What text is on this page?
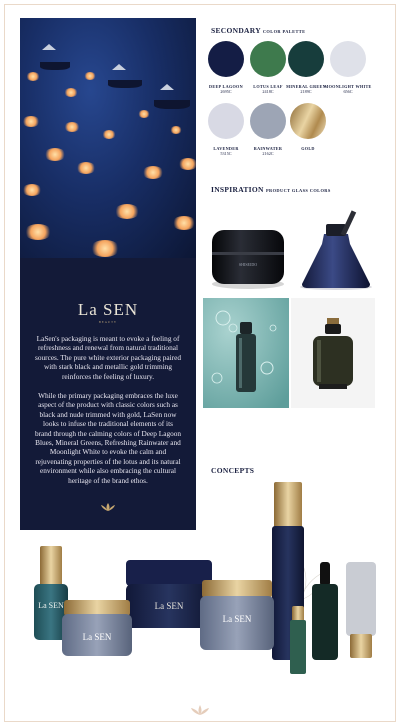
La SEN
BEAUTY

LaSen's packaging is meant to evoke a feeling of refreshness and renewal from natural traditional sources. The pure white exterior packaging paired with stark black and metallic gold trimming reinforces the feeling of luxury.

While the primary packaging embraces the luxe aspect of the product with classic colors such as black and nude trimmed with gold, LaSen now looks to infuse the traditional elements of its brand through the calming colors of Deep Lagoon Blues, Mineral Greens, Refreshing Rainwater and Moonlight White to evoke the calm and rejuvenating properties of the lotus and its natural environment while also embracing the cultural heritage of the brand ethos.

SECONDARY COLOR PALETTE
DEEP LAGOON
2695C
LOTUS LEAF
2418C
MINERAL GREEN
2189C
MOONLIGHT WHITE
656C
LAVENDER
5315C
RAINWATER
2162C
GOLD
INSPIRATION PRODUCT GLASS COLORS
SHISEIDO
CONCEPTS
La SEN	La SEN
La SEN
La SEN
